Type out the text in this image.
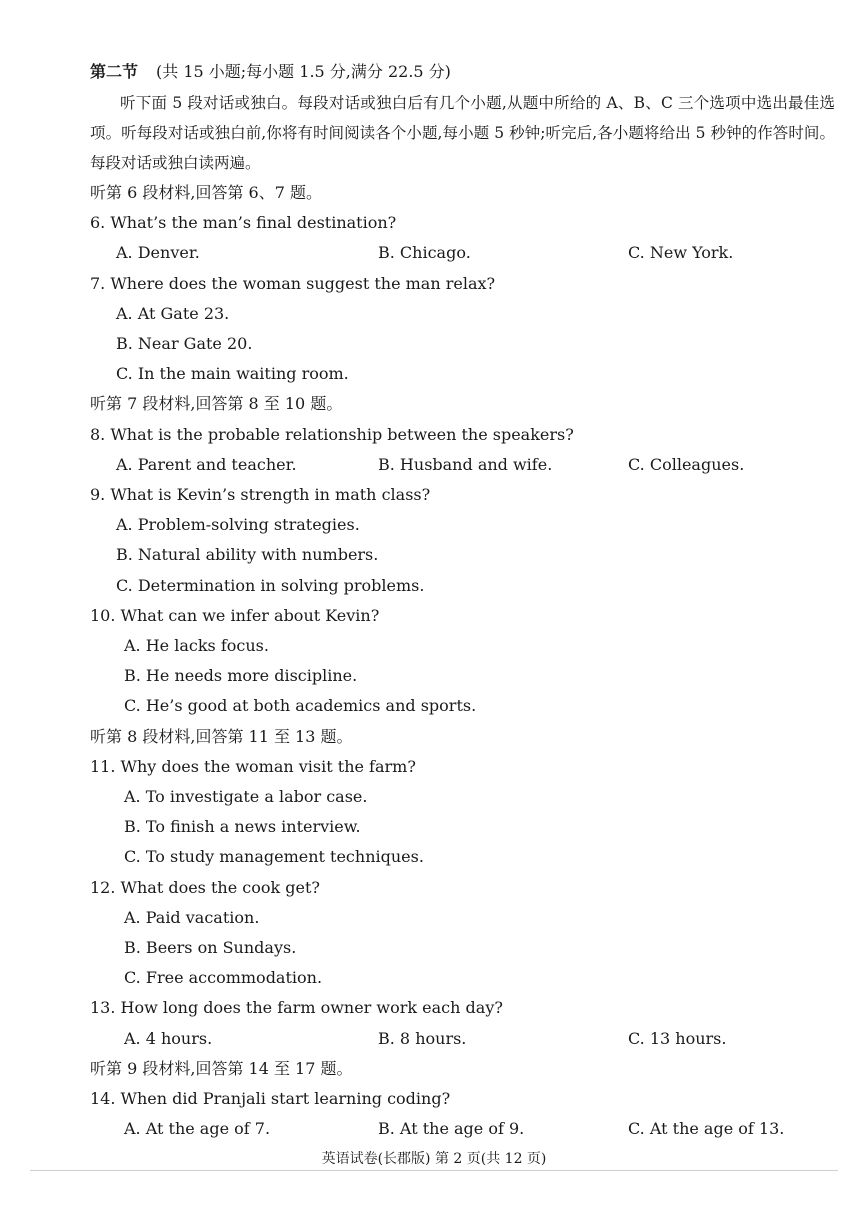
第二节 (共 15 小题;每小题 1.5 分,满分 22.5 分)
听下面 5 段对话或独白。每段对话或独白后有几个小题,从题中所给的 A、B、C 三个选项中选出最佳选项。听每段对话或独白前,你将有时间阅读各个小题,每小题 5 秒钟;听完后,各小题将给出 5 秒钟的作答时间。每段对话或独白读两遍。
听第 6 段材料,回答第 6、7 题。
6. What’s the man’s final destination?
A. Denver.	B. Chicago.	C. New York.
7. Where does the woman suggest the man relax?
A. At Gate 23.
B. Near Gate 20.
C. In the main waiting room.
听第 7 段材料,回答第 8 至 10 题。
8. What is the probable relationship between the speakers?
A. Parent and teacher.	B. Husband and wife.	C. Colleagues.
9. What is Kevin’s strength in math class?
A. Problem-solving strategies.
B. Natural ability with numbers.
C. Determination in solving problems.
10. What can we infer about Kevin?
A. He lacks focus.
B. He needs more discipline.
C. He’s good at both academics and sports.
听第 8 段材料,回答第 11 至 13 题。
11. Why does the woman visit the farm?
A. To investigate a labor case.
B. To finish a news interview.
C. To study management techniques.
12. What does the cook get?
A. Paid vacation.
B. Beers on Sundays.
C. Free accommodation.
13. How long does the farm owner work each day?
A. 4 hours.	B. 8 hours.	C. 13 hours.
听第 9 段材料,回答第 14 至 17 题。
14. When did Pranjali start learning coding?
A. At the age of 7.	B. At the age of 9.	C. At the age of 13.
英语试卷(长郡版) 第 2 页(共 12 页)
